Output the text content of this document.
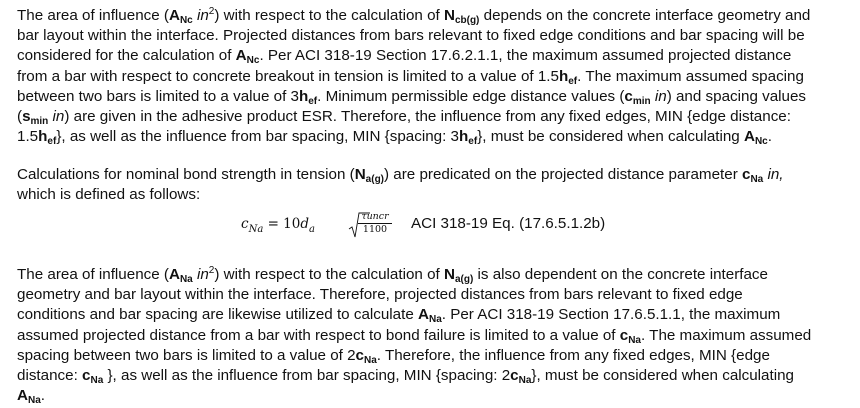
The area of influence ($A_{Nc}$ $in^2$) with respect to the calculation of $N_{cb(g)}$ depends on the concrete interface geometry and
bar layout within the interface. Projected distances from bars relevant to fixed edge conditions and bar spacing will be
considered for the calculation of $A_{Nc}$. Per ACI 318-19 Section 17.6.2.1.1, the maximum assumed projected distance
from a bar with respect to concrete breakout in tension is limited to a value of $1.5h_{ef}$. The maximum assumed spacing
between two bars is limited to a value of $3h_{ef}$. Minimum permissible edge distance values ($c_{min}$ in) and spacing values
($s_{min}$ in) are given in the adhesive product ESR. Therefore, the influence from any fixed edges, MIN {edge distance:
$1.5h_{ef}$}, as well as the influence from bar spacing, MIN {spacing: $3h_{ef}$}, must be considered when calculating $A_{Nc}$.

Calculations for nominal bond strength in tension $(N_{a(g)})$ are predicated on the projected distance parameter $c_{Na}$ in,
which is defined as follows:

$c_{Na} = 10d_a$
τuncr
1100	ACI 318-19 Eq. (17.6.5.1.2b)

The area of influence ($A_{Na}$ $in^2$) with respect to the calculation of $N_{a(g)}$ is also dependent on the concrete interface
geometry and bar layout within the interface. Therefore, projected distances from bars relevant to fixed edge
conditions and bar spacing are likewise utilized to calculate $A_{Na}$. Per ACI 318-19 Section 17.6.5.1.1, the maximum
assumed projected distance from a bar with respect to bond failure is limited to a value of $c_{Na}$. The maximum assumed
spacing between two bars is limited to a value of $2c_{Na}$. Therefore, the influence from any fixed edges, MIN {edge
distance: $c_{Na}$ }, as well as the influence from bar spacing, MIN {spacing: $2c_{Na}$}, must be considered when calculating
$A_{Na}$.
